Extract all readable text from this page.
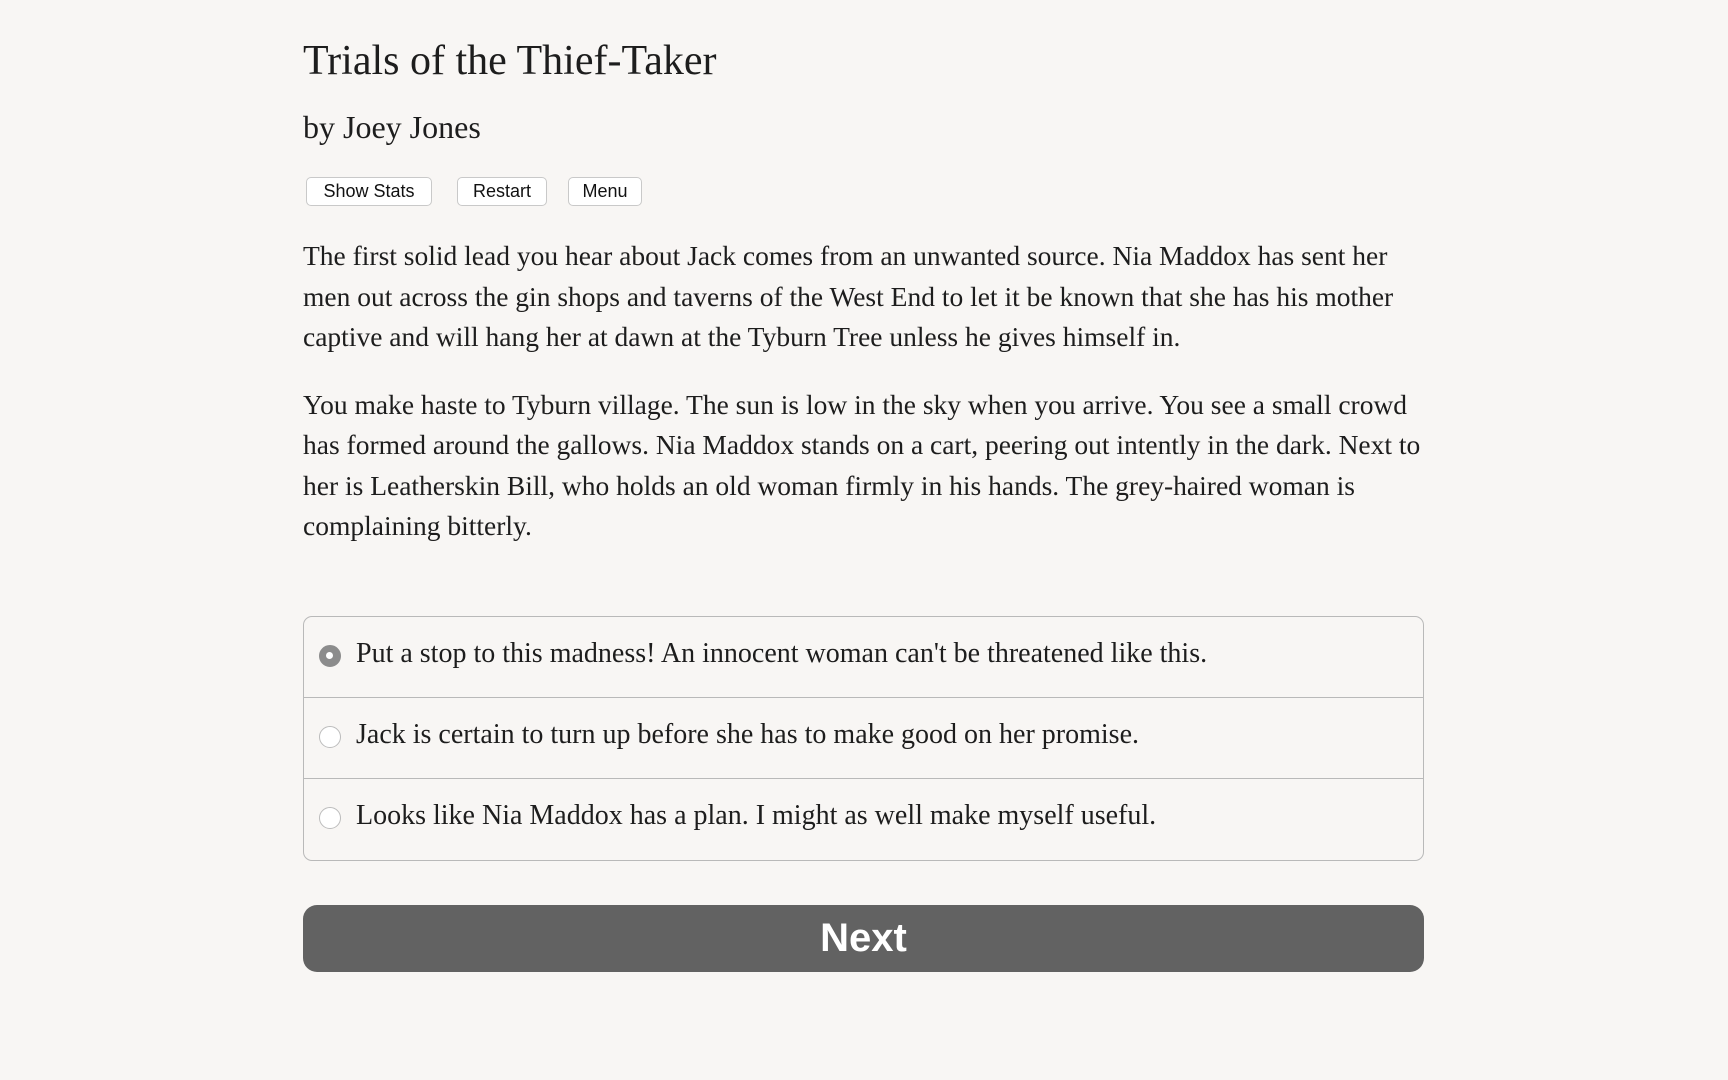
Trials of the Thief-Taker
by Joey Jones
Show Stats	Restart	Menu

The first solid lead you hear about Jack comes from an unwanted source. Nia Maddox has sent her men out across the gin shops and taverns of the West End to let it be known that she has his mother captive and will hang her at dawn at the Tyburn Tree unless he gives himself in.

You make haste to Tyburn village. The sun is low in the sky when you arrive. You see a small crowd has formed around the gallows. Nia Maddox stands on a cart, peering out intently in the dark. Next to her is Leatherskin Bill, who holds an old woman firmly in his hands. The grey-haired woman is complaining bitterly.

Put a stop to this madness! An innocent woman can't be threatened like this.
Jack is certain to turn up before she has to make good on her promise.
Looks like Nia Maddox has a plan. I might as well make myself useful.
Next
